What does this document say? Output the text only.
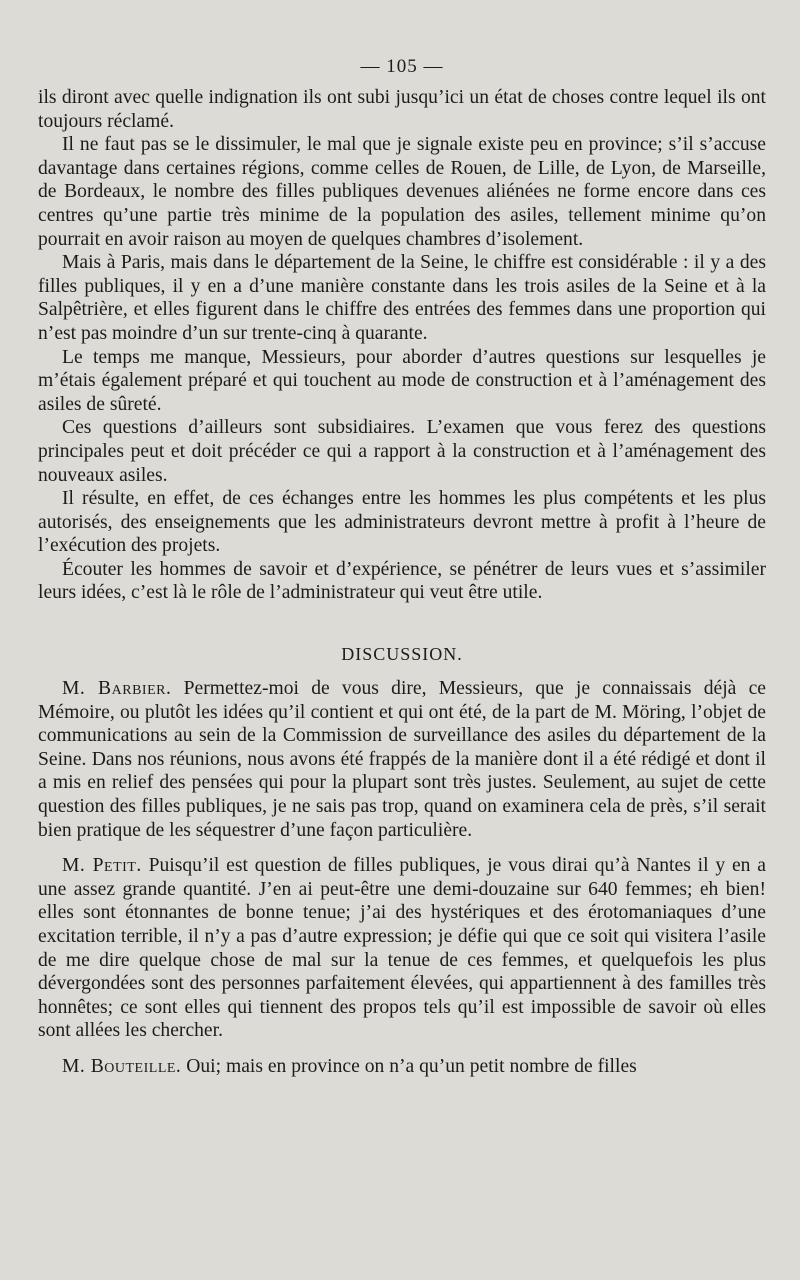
— 105 —

ils diront avec quelle indignation ils ont subi jusqu’ici un état de choses contre lequel ils ont toujours réclamé.

Il ne faut pas se le dissimuler, le mal que je signale existe peu en province; s’il s’accuse davantage dans certaines régions, comme celles de Rouen, de Lille, de Lyon, de Marseille, de Bordeaux, le nombre des filles publiques devenues aliénées ne forme encore dans ces centres qu’une partie très minime de la population des asiles, tellement minime qu’on pourrait en avoir raison au moyen de quelques chambres d’isolement.

Mais à Paris, mais dans le département de la Seine, le chiffre est considérable : il y a des filles publiques, il y en a d’une manière constante dans les trois asiles de la Seine et à la Salpêtrière, et elles figurent dans le chiffre des entrées des femmes dans une proportion qui n’est pas moindre d’un sur trente-cinq à quarante.

Le temps me manque, Messieurs, pour aborder d’autres questions sur lesquelles je m’étais également préparé et qui touchent au mode de construction et à l’aménagement des asiles de sûreté.

Ces questions d’ailleurs sont subsidiaires. L’examen que vous ferez des questions principales peut et doit précéder ce qui a rapport à la construction et à l’aménagement des nouveaux asiles.

Il résulte, en effet, de ces échanges entre les hommes les plus compétents et les plus autorisés, des enseignements que les administrateurs devront mettre à profit à l’heure de l’exécution des projets.

Écouter les hommes de savoir et d’expérience, se pénétrer de leurs vues et s’assimiler leurs idées, c’est là le rôle de l’administrateur qui veut être utile.

DISCUSSION.

M. Barbier. Permettez-moi de vous dire, Messieurs, que je connaissais déjà ce Mémoire, ou plutôt les idées qu’il contient et qui ont été, de la part de M. Möring, l’objet de communications au sein de la Commission de surveillance des asiles du département de la Seine. Dans nos réunions, nous avons été frappés de la manière dont il a été rédigé et dont il a mis en relief des pensées qui pour la plupart sont très justes. Seulement, au sujet de cette question des filles publiques, je ne sais pas trop, quand on examinera cela de près, s’il serait bien pratique de les séquestrer d’une façon particulière.

M. Petit. Puisqu’il est question de filles publiques, je vous dirai qu’à Nantes il y en a une assez grande quantité. J’en ai peut-être une demi-douzaine sur 640 femmes; eh bien! elles sont étonnantes de bonne tenue; j’ai des hystériques et des érotomaniaques d’une excitation terrible, il n’y a pas d’autre expression; je défie qui que ce soit qui visitera l’asile de me dire quelque chose de mal sur la tenue de ces femmes, et quelquefois les plus dévergondées sont des personnes parfaitement élevées, qui appartiennent à des familles très honnêtes; ce sont elles qui tiennent des propos tels qu’il est impossible de savoir où elles sont allées les chercher.

M. Bouteille. Oui; mais en province on n’a qu’un petit nombre de filles
